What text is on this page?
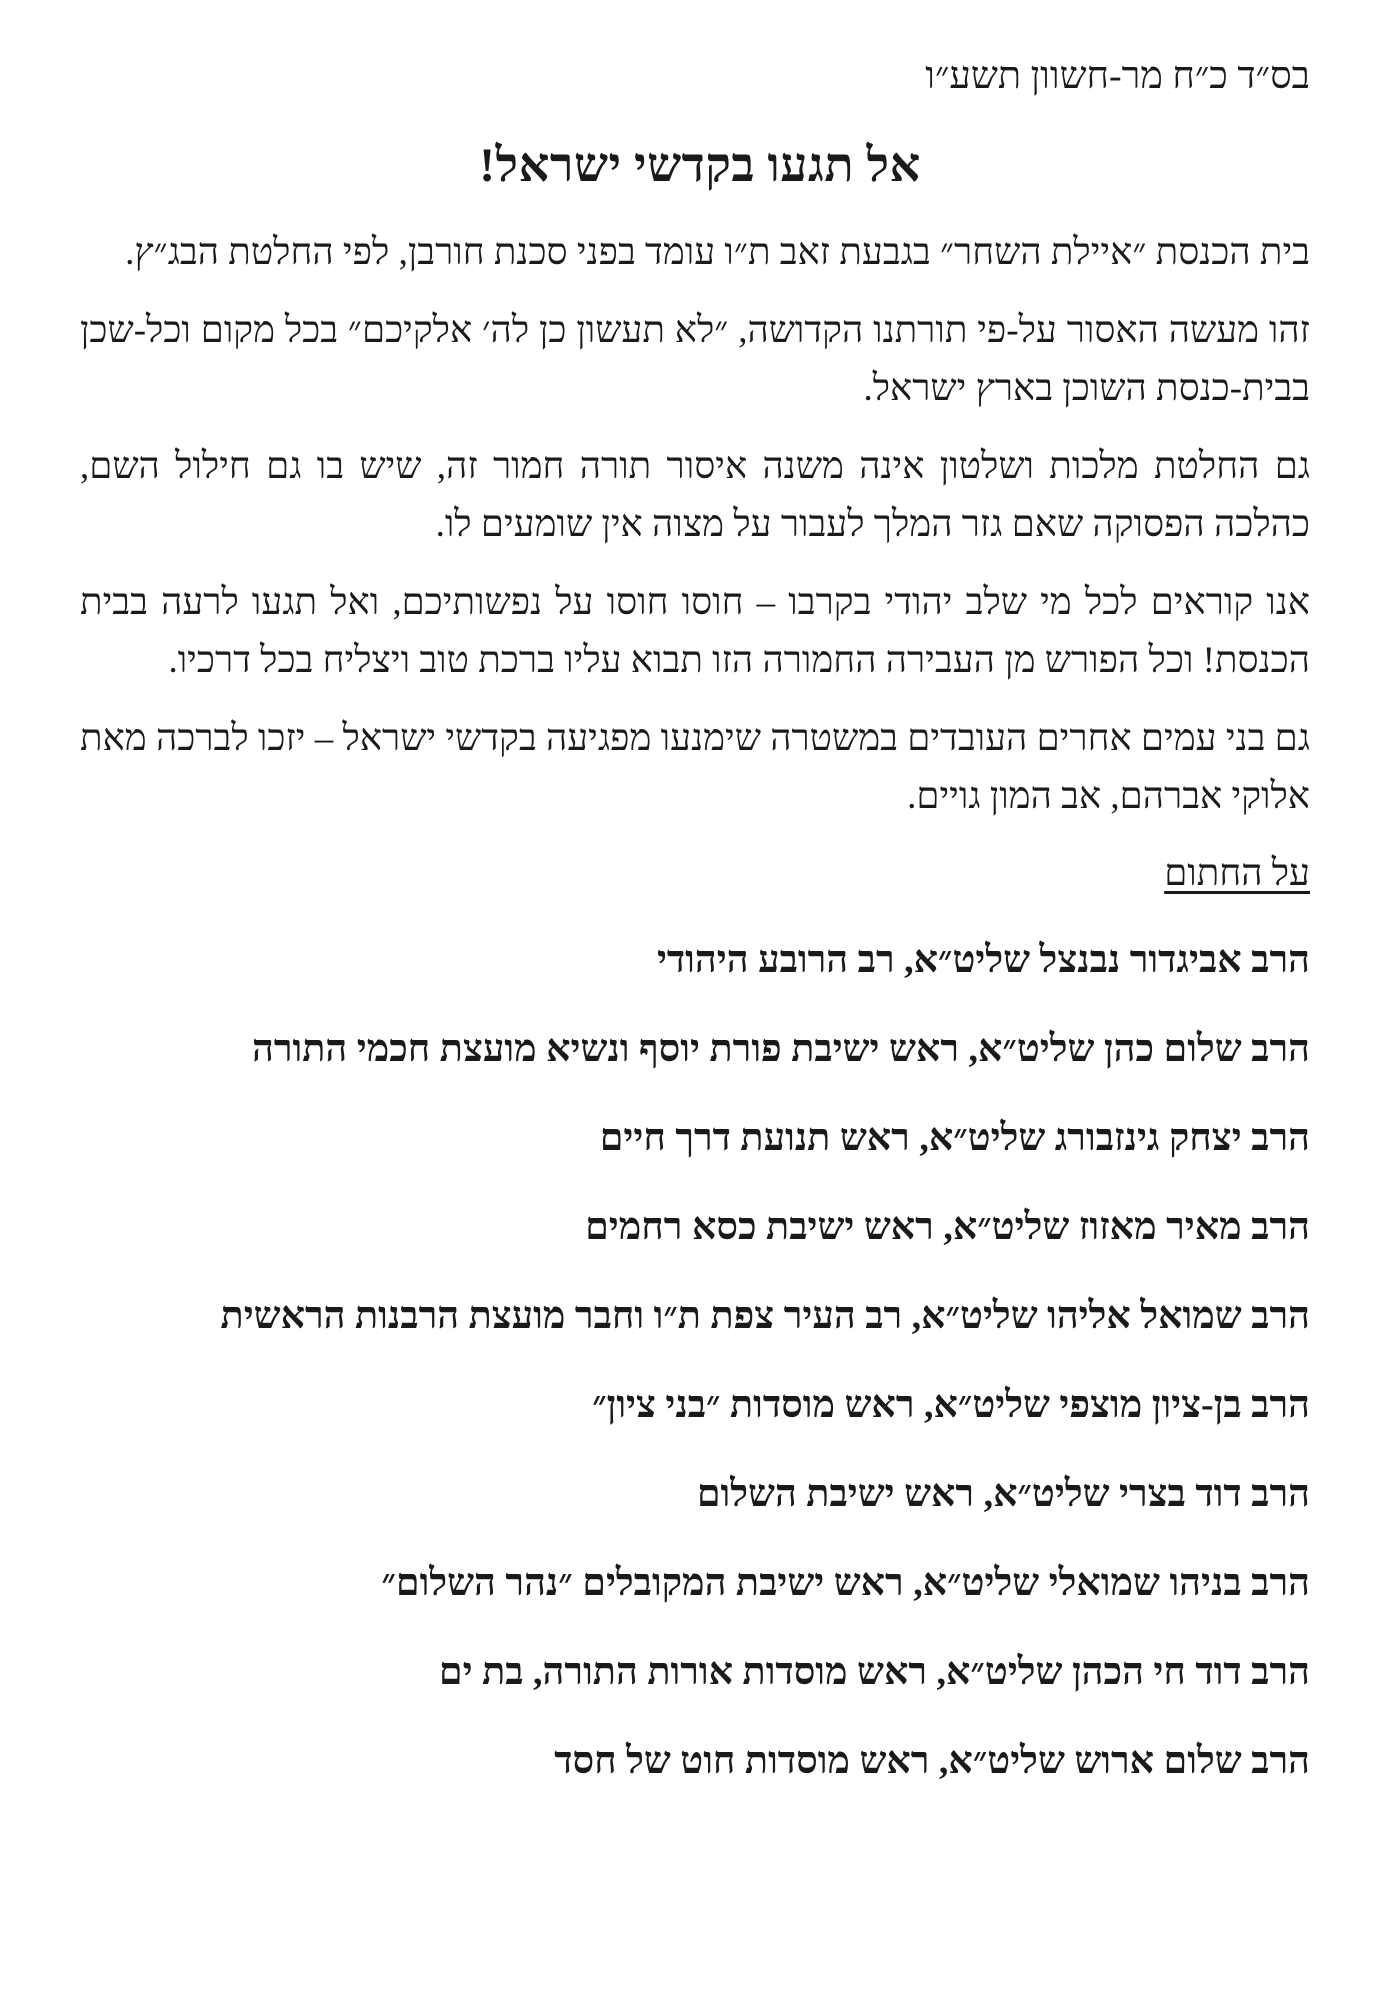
בס״ד כ״ח מר-חשוון תשע״ו
אל תגעו בקדשי ישראל!

בית הכנסת ״איילת השחר״ בגבעת זאב ת״ו עומד בפני סכנת חורבן, לפי החלטת הבג״ץ.

זהו מעשה האסור על-פי תורתנו הקדושה, ״לא תעשון כן לה׳ אלקיכם״ בכל מקום וכל-שכן בבית-כנסת השוכן בארץ ישראל.

גם החלטת מלכות ושלטון אינה משנה איסור תורה חמור זה, שיש בו גם חילול השם, כהלכה הפסוקה שאם גזר המלך לעבור על מצוה אין שומעים לו.

אנו קוראים לכל מי שלב יהודי בקרבו – חוסו חוסו על נפשותיכם, ואל תגעו לרעה בבית הכנסת! וכל הפורש מן העבירה החמורה הזו תבוא עליו ברכת טוב ויצליח בכל דרכיו.

גם בני עמים אחרים העובדים במשטרה שימנעו מפגיעה בקדשי ישראל – יזכו לברכה מאת אלוקי אברהם, אב המון גויים.

על החתום
הרב אביגדור נבנצל שליט״א, רב הרובע היהודי
הרב שלום כהן שליט״א, ראש ישיבת פורת יוסף ונשיא מועצת חכמי התורה
הרב יצחק גינזבורג שליט״א, ראש תנועת דרך חיים
הרב מאיר מאזוז שליט״א, ראש ישיבת כסא רחמים
הרב שמואל אליהו שליט״א, רב העיר צפת ת״ו וחבר מועצת הרבנות הראשית
הרב בן-ציון מוצפי שליט״א, ראש מוסדות ״בני ציון״
הרב דוד בצרי שליט״א, ראש ישיבת השלום
הרב בניהו שמואלי שליט״א, ראש ישיבת המקובלים ״נהר השלום״
הרב דוד חי הכהן שליט״א, ראש מוסדות אורות התורה, בת ים
הרב שלום ארוש שליט״א, ראש מוסדות חוט של חסד
